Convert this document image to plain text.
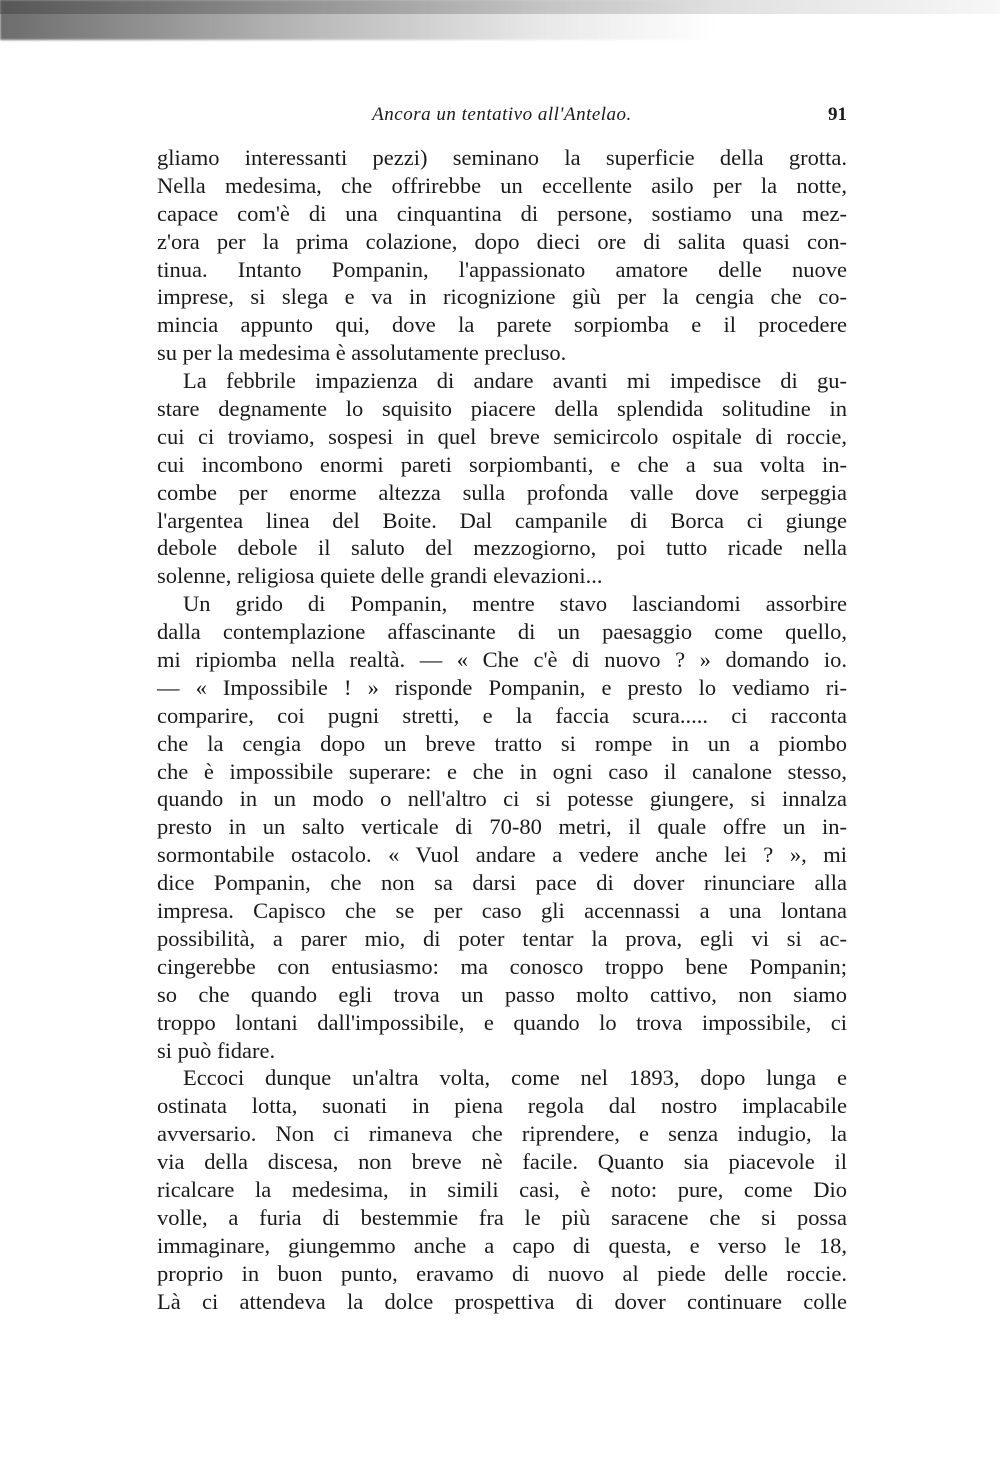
Ancora un tentativo all'Antelao.	91
gliamo interessanti pezzi) seminano la superficie della grotta.
Nella medesima, che offrirebbe un eccellente asilo per la notte,
capace com'è di una cinquantina di persone, sostiamo una mez-
z'ora per la prima colazione, dopo dieci ore di salita quasi con-
tinua. Intanto Pompanin, l'appassionato amatore delle nuove
imprese, si slega e va in ricognizione giù per la cengia che co-
mincia appunto qui, dove la parete sorpiomba e il procedere
su per la medesima è assolutamente precluso.
La febbrile impazienza di andare avanti mi impedisce di gu-
stare degnamente lo squisito piacere della splendida solitudine in
cui ci troviamo, sospesi in quel breve semicircolo ospitale di roccie,
cui incombono enormi pareti sorpiombanti, e che a sua volta in-
combe per enorme altezza sulla profonda valle dove serpeggia
l'argentea linea del Boite. Dal campanile di Borca ci giunge
debole debole il saluto del mezzogiorno, poi tutto ricade nella
solenne, religiosa quiete delle grandi elevazioni...
Un grido di Pompanin, mentre stavo lasciandomi assorbire
dalla contemplazione affascinante di un paesaggio come quello,
mi ripiomba nella realtà. — « Che c'è di nuovo ? » domando io.
— « Impossibile ! » risponde Pompanin, e presto lo vediamo ri-
comparire, coi pugni stretti, e la faccia scura..... ci racconta
che la cengia dopo un breve tratto si rompe in un a piombo
che è impossibile superare: e che in ogni caso il canalone stesso,
quando in un modo o nell'altro ci si potesse giungere, si innalza
presto in un salto verticale di 70-80 metri, il quale offre un in-
sormontabile ostacolo. « Vuol andare a vedere anche lei ? », mi
dice Pompanin, che non sa darsi pace di dover rinunciare alla
impresa. Capisco che se per caso gli accennassi a una lontana
possibilità, a parer mio, di poter tentar la prova, egli vi si ac-
cingerebbe con entusiasmo: ma conosco troppo bene Pompanin;
so che quando egli trova un passo molto cattivo, non siamo
troppo lontani dall'impossibile, e quando lo trova impossibile, ci
si può fidare.
Eccoci dunque un'altra volta, come nel 1893, dopo lunga e
ostinata lotta, suonati in piena regola dal nostro implacabile
avversario. Non ci rimaneva che riprendere, e senza indugio, la
via della discesa, non breve nè facile. Quanto sia piacevole il
ricalcare la medesima, in simili casi, è noto: pure, come Dio
volle, a furia di bestemmie fra le più saracene che si possa
immaginare, giungemmo anche a capo di questa, e verso le 18,
proprio in buon punto, eravamo di nuovo al piede delle roccie.
Là ci attendeva la dolce prospettiva di dover continuare colle
